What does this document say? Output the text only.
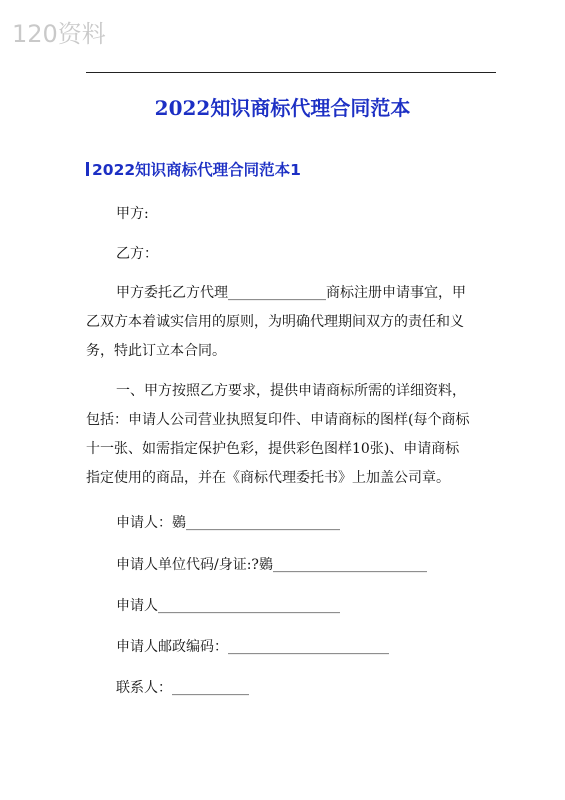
120资料
2022知识商标代理合同范本
2022知识商标代理合同范本1
甲方:
乙方：
甲方委托乙方代理______________商标注册申请事宜，甲
乙双方本着诚实信用的原则，为明确代理期间双方的责任和义
务，特此订立本合同。
一、甲方按照乙方要求，提供申请商标所需的详细资料，
包括：申请人公司营业执照复印件、申请商标的图样(每个商标
十一张、如需指定保护色彩，提供彩色图样10张)、申请商标
指定使用的商品，并在《商标代理委托书》上加盖公司章。
申请人：鷃______________________
申请人单位代码/身证:?鷃______________________
申请人__________________________
申请人邮政编码：_______________________
联系人：___________
